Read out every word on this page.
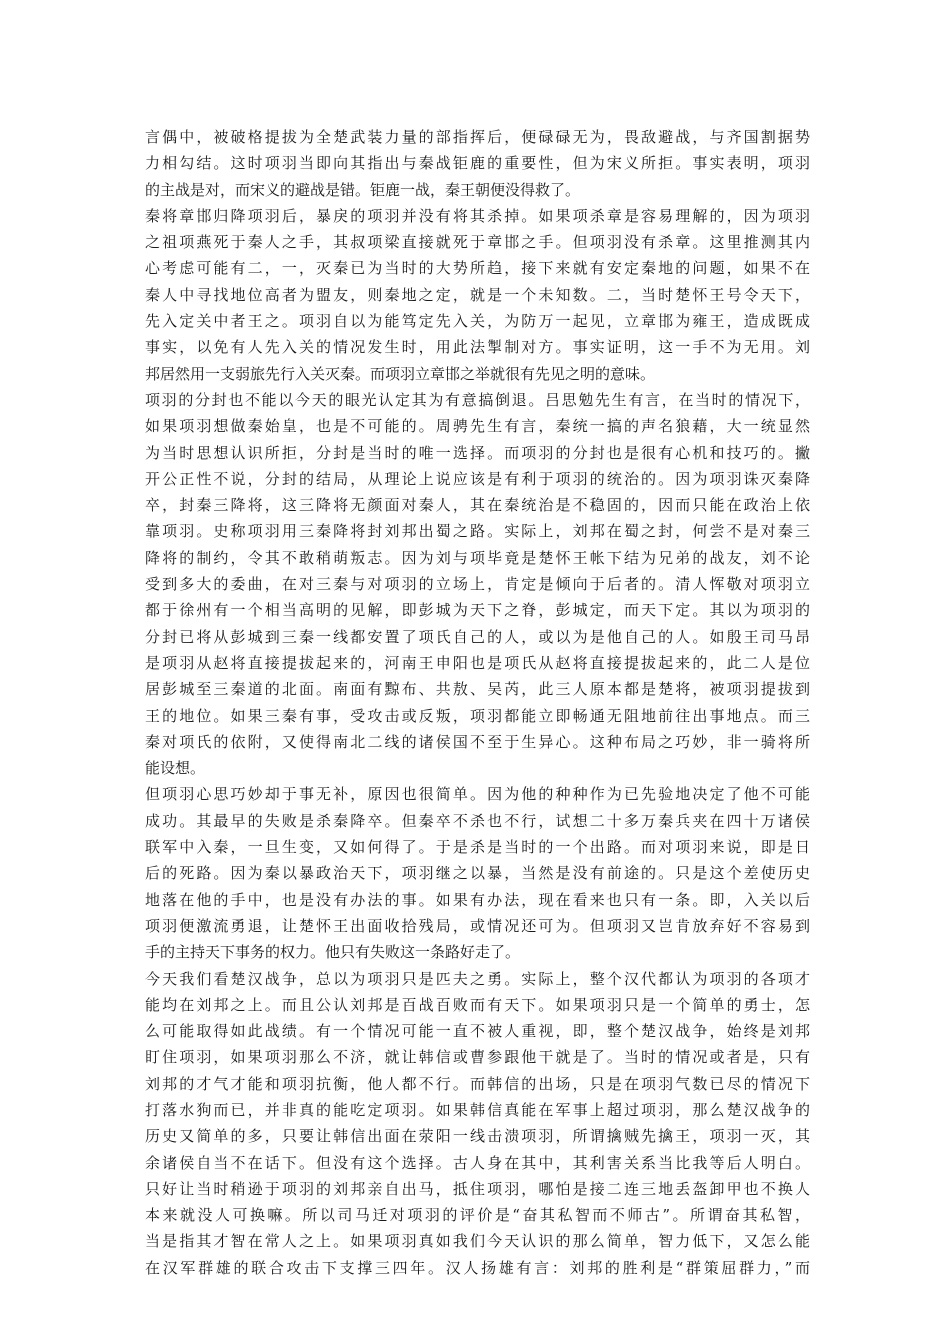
言偶中，被破格提拔为全楚武装力量的部指挥后，便碌碌无为，畏敌避战，与齐国割据势
力相勾结。这时项羽当即向其指出与秦战钜鹿的重要性，但为宋义所拒。事实表明，项羽
的主战是对，而宋义的避战是错。钜鹿一战，秦王朝便没得救了。
秦将章邯归降项羽后，暴戾的项羽并没有将其杀掉。如果项杀章是容易理解的，因为项羽
之祖项燕死于秦人之手，其叔项梁直接就死于章邯之手。但项羽没有杀章。这里推测其内
心考虑可能有二，一，灭秦已为当时的大势所趋，接下来就有安定秦地的问题，如果不在
秦人中寻找地位高者为盟友，则秦地之定，就是一个未知数。二，当时楚怀王号令天下，
先入定关中者王之。项羽自以为能笃定先入关，为防万一起见，立章邯为雍王，造成既成
事实，以免有人先入关的情况发生时，用此法掣制对方。事实证明，这一手不为无用。刘
邦居然用一支弱旅先行入关灭秦。而项羽立章邯之举就很有先见之明的意味。
项羽的分封也不能以今天的眼光认定其为有意搞倒退。吕思勉先生有言，在当时的情况下，
如果项羽想做秦始皇，也是不可能的。周骋先生有言，秦统一搞的声名狼藉，大一统显然
为当时思想认识所拒，分封是当时的唯一选择。而项羽的分封也是很有心机和技巧的。撇
开公正性不说，分封的结局，从理论上说应该是有利于项羽的统治的。因为项羽诛灭秦降
卒，封秦三降将，这三降将无颜面对秦人，其在秦统治是不稳固的，因而只能在政治上依
靠项羽。史称项羽用三秦降将封刘邦出蜀之路。实际上，刘邦在蜀之封，何尝不是对秦三
降将的制约，令其不敢稍萌叛志。因为刘与项毕竟是楚怀王帐下结为兄弟的战友，刘不论
受到多大的委曲，在对三秦与对项羽的立场上，肯定是倾向于后者的。清人恽敬对项羽立
都于徐州有一个相当高明的见解，即彭城为天下之脊，彭城定，而天下定。其以为项羽的
分封已将从彭城到三秦一线都安置了项氏自己的人，或以为是他自己的人。如殷王司马昂
是项羽从赵将直接提拔起来的，河南王申阳也是项氏从赵将直接提拔起来的，此二人是位
居彭城至三秦道的北面。南面有黥布、共敖、吴芮，此三人原本都是楚将，被项羽提拔到
王的地位。如果三秦有事，受攻击或反叛，项羽都能立即畅通无阻地前往出事地点。而三
秦对项氏的依附，又使得南北二线的诸侯国不至于生异心。这种布局之巧妙，非一骑将所
能设想。
但项羽心思巧妙却于事无补，原因也很简单。因为他的种种作为已先验地决定了他不可能
成功。其最早的失败是杀秦降卒。但秦卒不杀也不行，试想二十多万秦兵夹在四十万诸侯
联军中入秦，一旦生变，又如何得了。于是杀是当时的一个出路。而对项羽来说，即是日
后的死路。因为秦以暴政治天下，项羽继之以暴，当然是没有前途的。只是这个差使历史
地落在他的手中，也是没有办法的事。如果有办法，现在看来也只有一条。即，入关以后
项羽便激流勇退，让楚怀王出面收拾残局，或情况还可为。但项羽又岂肯放弃好不容易到
手的主持天下事务的权力。他只有失败这一条路好走了。
今天我们看楚汉战争，总以为项羽只是匹夫之勇。实际上，整个汉代都认为项羽的各项才
能均在刘邦之上。而且公认刘邦是百战百败而有天下。如果项羽只是一个简单的勇士，怎
么可能取得如此战绩。有一个情况可能一直不被人重视，即，整个楚汉战争，始终是刘邦
盯住项羽，如果项羽那么不济，就让韩信或曹参跟他干就是了。当时的情况或者是，只有
刘邦的才气才能和项羽抗衡，他人都不行。而韩信的出场，只是在项羽气数已尽的情况下
打落水狗而已，并非真的能吃定项羽。如果韩信真能在军事上超过项羽，那么楚汉战争的
历史又简单的多，只要让韩信出面在荥阳一线击溃项羽，所谓擒贼先擒王，项羽一灭，其
余诸侯自当不在话下。但没有这个选择。古人身在其中，其利害关系当比我等后人明白。
只好让当时稍逊于项羽的刘邦亲自出马，抵住项羽，哪怕是接二连三地丢盔卸甲也不换人
本来就没人可换嘛。所以司马迁对项羽的评价是“奋其私智而不师古”。所谓奋其私智，
当是指其才智在常人之上。如果项羽真如我们今天认识的那么简单，智力低下，又怎么能
在汉军群雄的联合攻击下支撑三四年。汉人扬雄有言：刘邦的胜利是“群策屈群力，”而
